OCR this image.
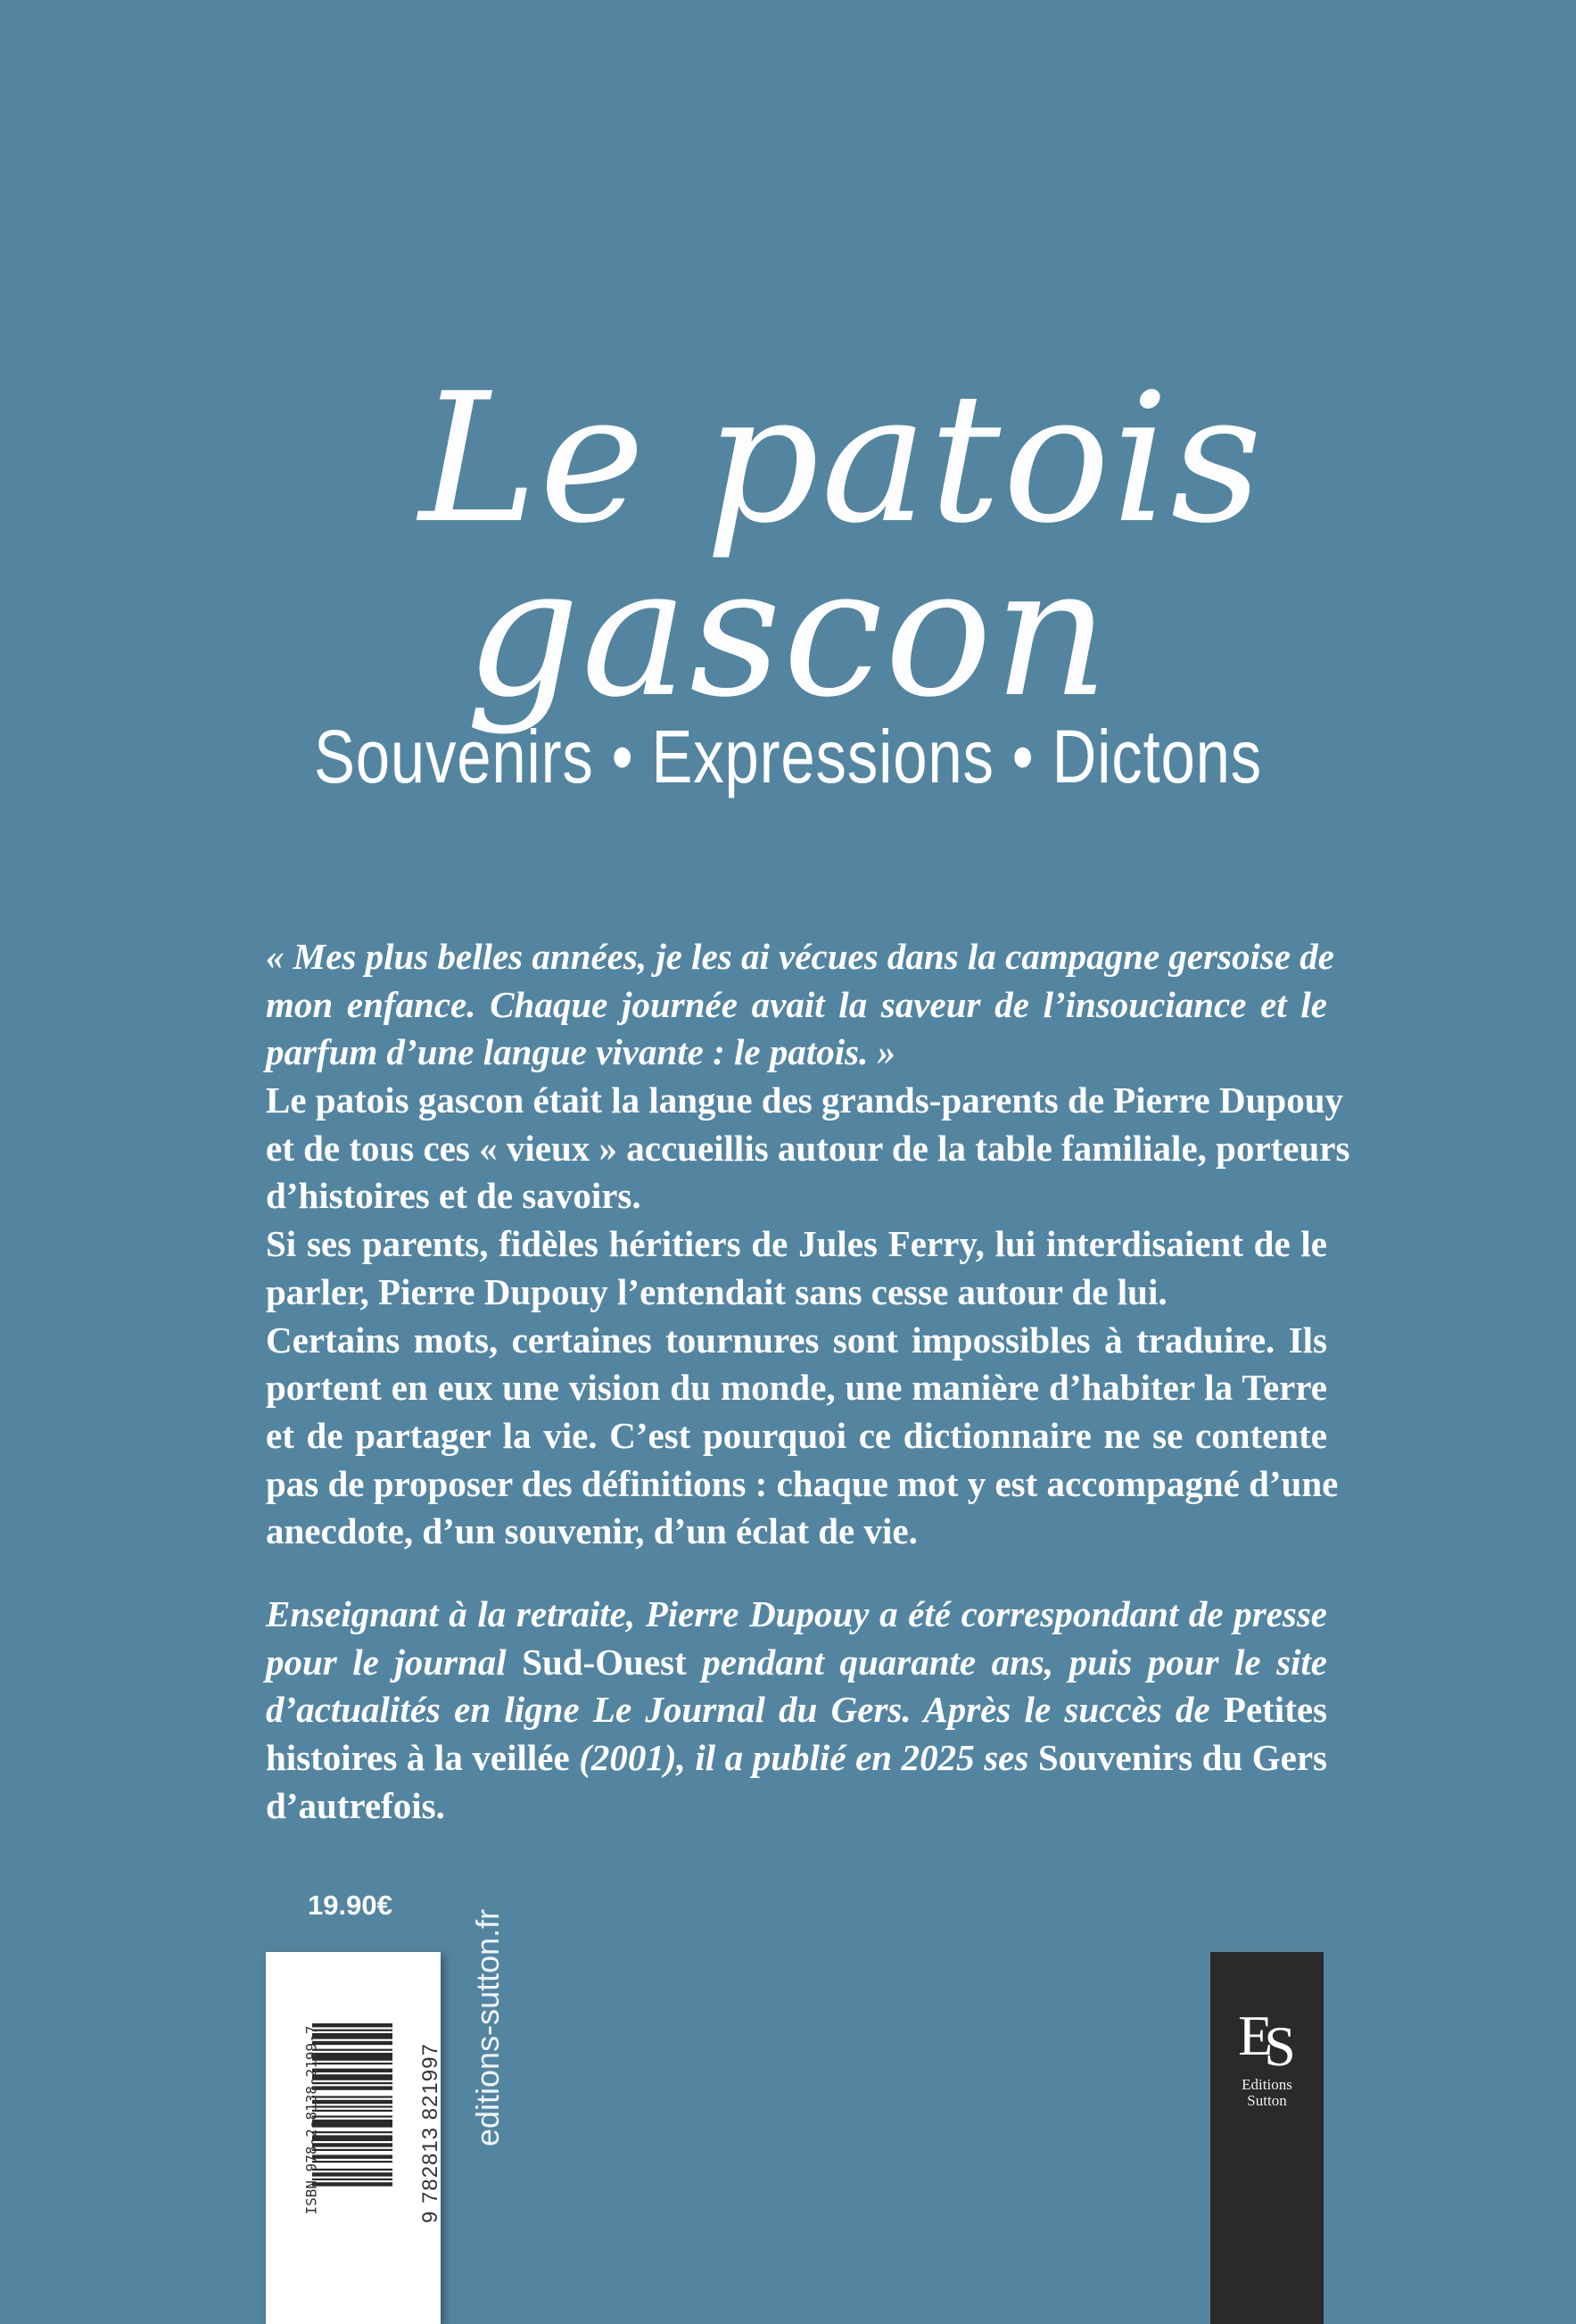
Le patois
gascon
Souvenirs • Expressions • Dictons
« Mes plus belles années, je les ai vécues dans la campagne gersoise de
mon enfance. Chaque journée avait la saveur de l’insouciance et le
parfum d’une langue vivante : le patois. »
Le patois gascon était la langue des grands-parents de Pierre Dupouy
et de tous ces « vieux » accueillis autour de la table familiale, porteurs
d’histoires et de savoirs.
Si ses parents, fidèles héritiers de Jules Ferry, lui interdisaient de le
parler, Pierre Dupouy l’entendait sans cesse autour de lui.
Certains mots, certaines tournures sont impossibles à traduire. Ils
portent en eux une vision du monde, une manière d’habiter la Terre
et de partager la vie. C’est pourquoi ce dictionnaire ne se contente
pas de proposer des définitions : chaque mot y est accompagné d’une
anecdote, d’un souvenir, d’un éclat de vie.
Enseignant à la retraite, Pierre Dupouy a été correspondant de presse
pour le journal Sud-Ouest pendant quarante ans, puis pour le site
d’actualités en ligne Le Journal du Gers. Après le succès de Petites
histoires à la veillée (2001), il a publié en 2025 ses Souvenirs du Gers
d’autrefois.
19.90€
ISBN 978-2-8138-2199-7	9 782813 821997 editions-sutton.fr	ES
Editions
Sutton
